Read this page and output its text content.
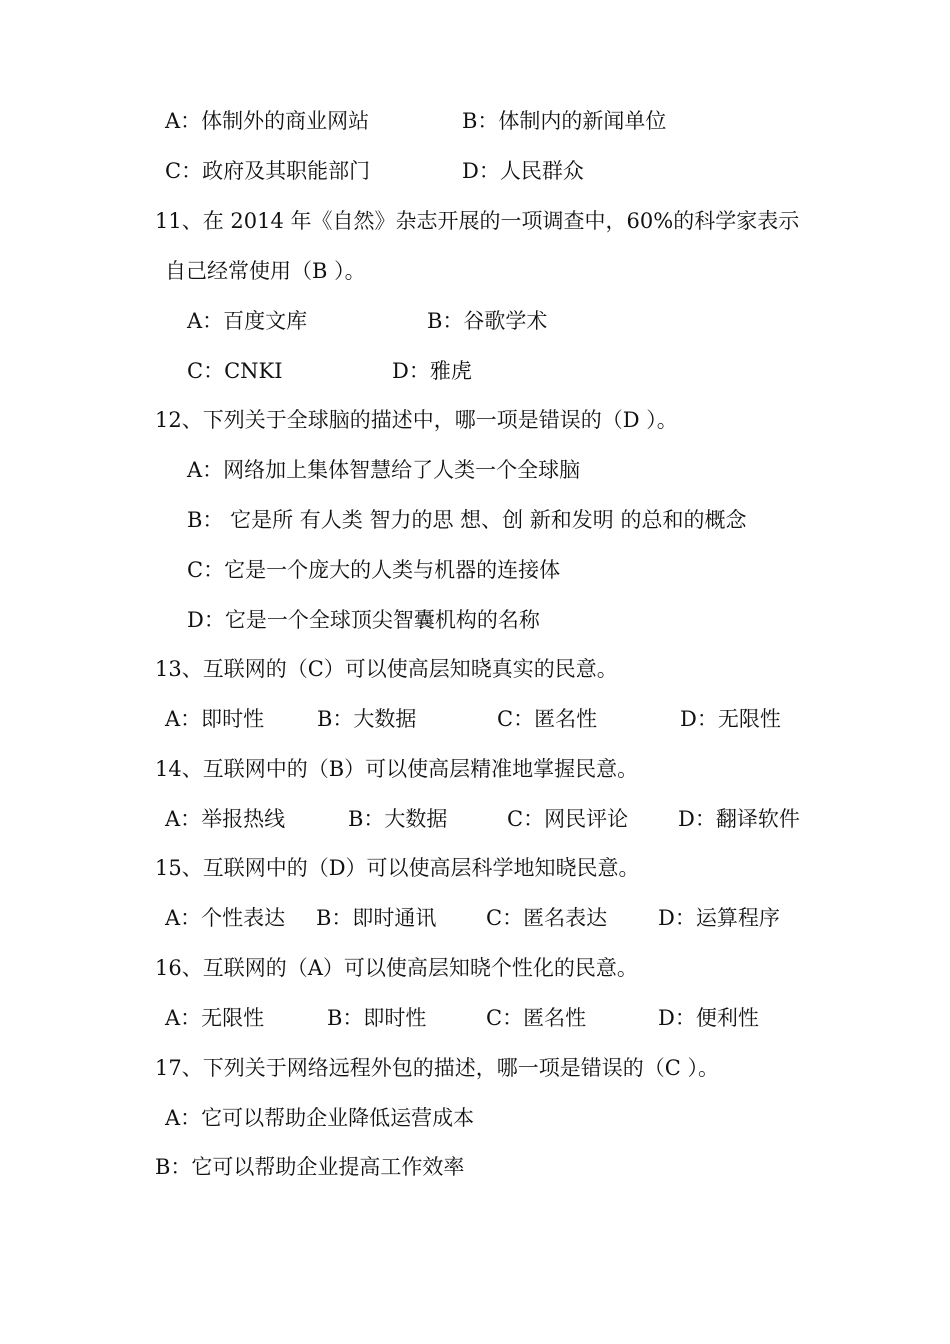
A：体制外的商业网站	B：体制内的新闻单位
C：政府及其职能部门	D：人民群众
11、在 2014 年《自然》杂志开展的一项调查中，60%的科学家表示
自己经常使用（B ）。
A：百度文库	B：谷歌学术
C：CNKI	D：雅虎
12、下列关于全球脑的描述中，哪一项是错误的（D ）。
A：网络加上集体智慧给了人类一个全球脑
B： 它是所 有人类 智力的思 想、创 新和发明 的总和的概念
C：它是一个庞大的人类与机器的连接体
D：它是一个全球顶尖智囊机构的名称
13、互联网的（C）可以使高层知晓真实的民意。
A：即时性	B：大数据	C：匿名性	D：无限性
14、互联网中的（B）可以使高层精准地掌握民意。
A：举报热线	B：大数据	C：网民评论 D：翻译软件
15、互联网中的（D）可以使高层科学地知晓民意。
A：个性表达 B：即时通讯 C：匿名表达 D：运算程序
16、互联网的（A）可以使高层知晓个性化的民意。
A：无限性	B：即时性	C：匿名性	D：便利性
17、下列关于网络远程外包的描述，哪一项是错误的（C ）。
A：它可以帮助企业降低运营成本
B：它可以帮助企业提高工作效率
